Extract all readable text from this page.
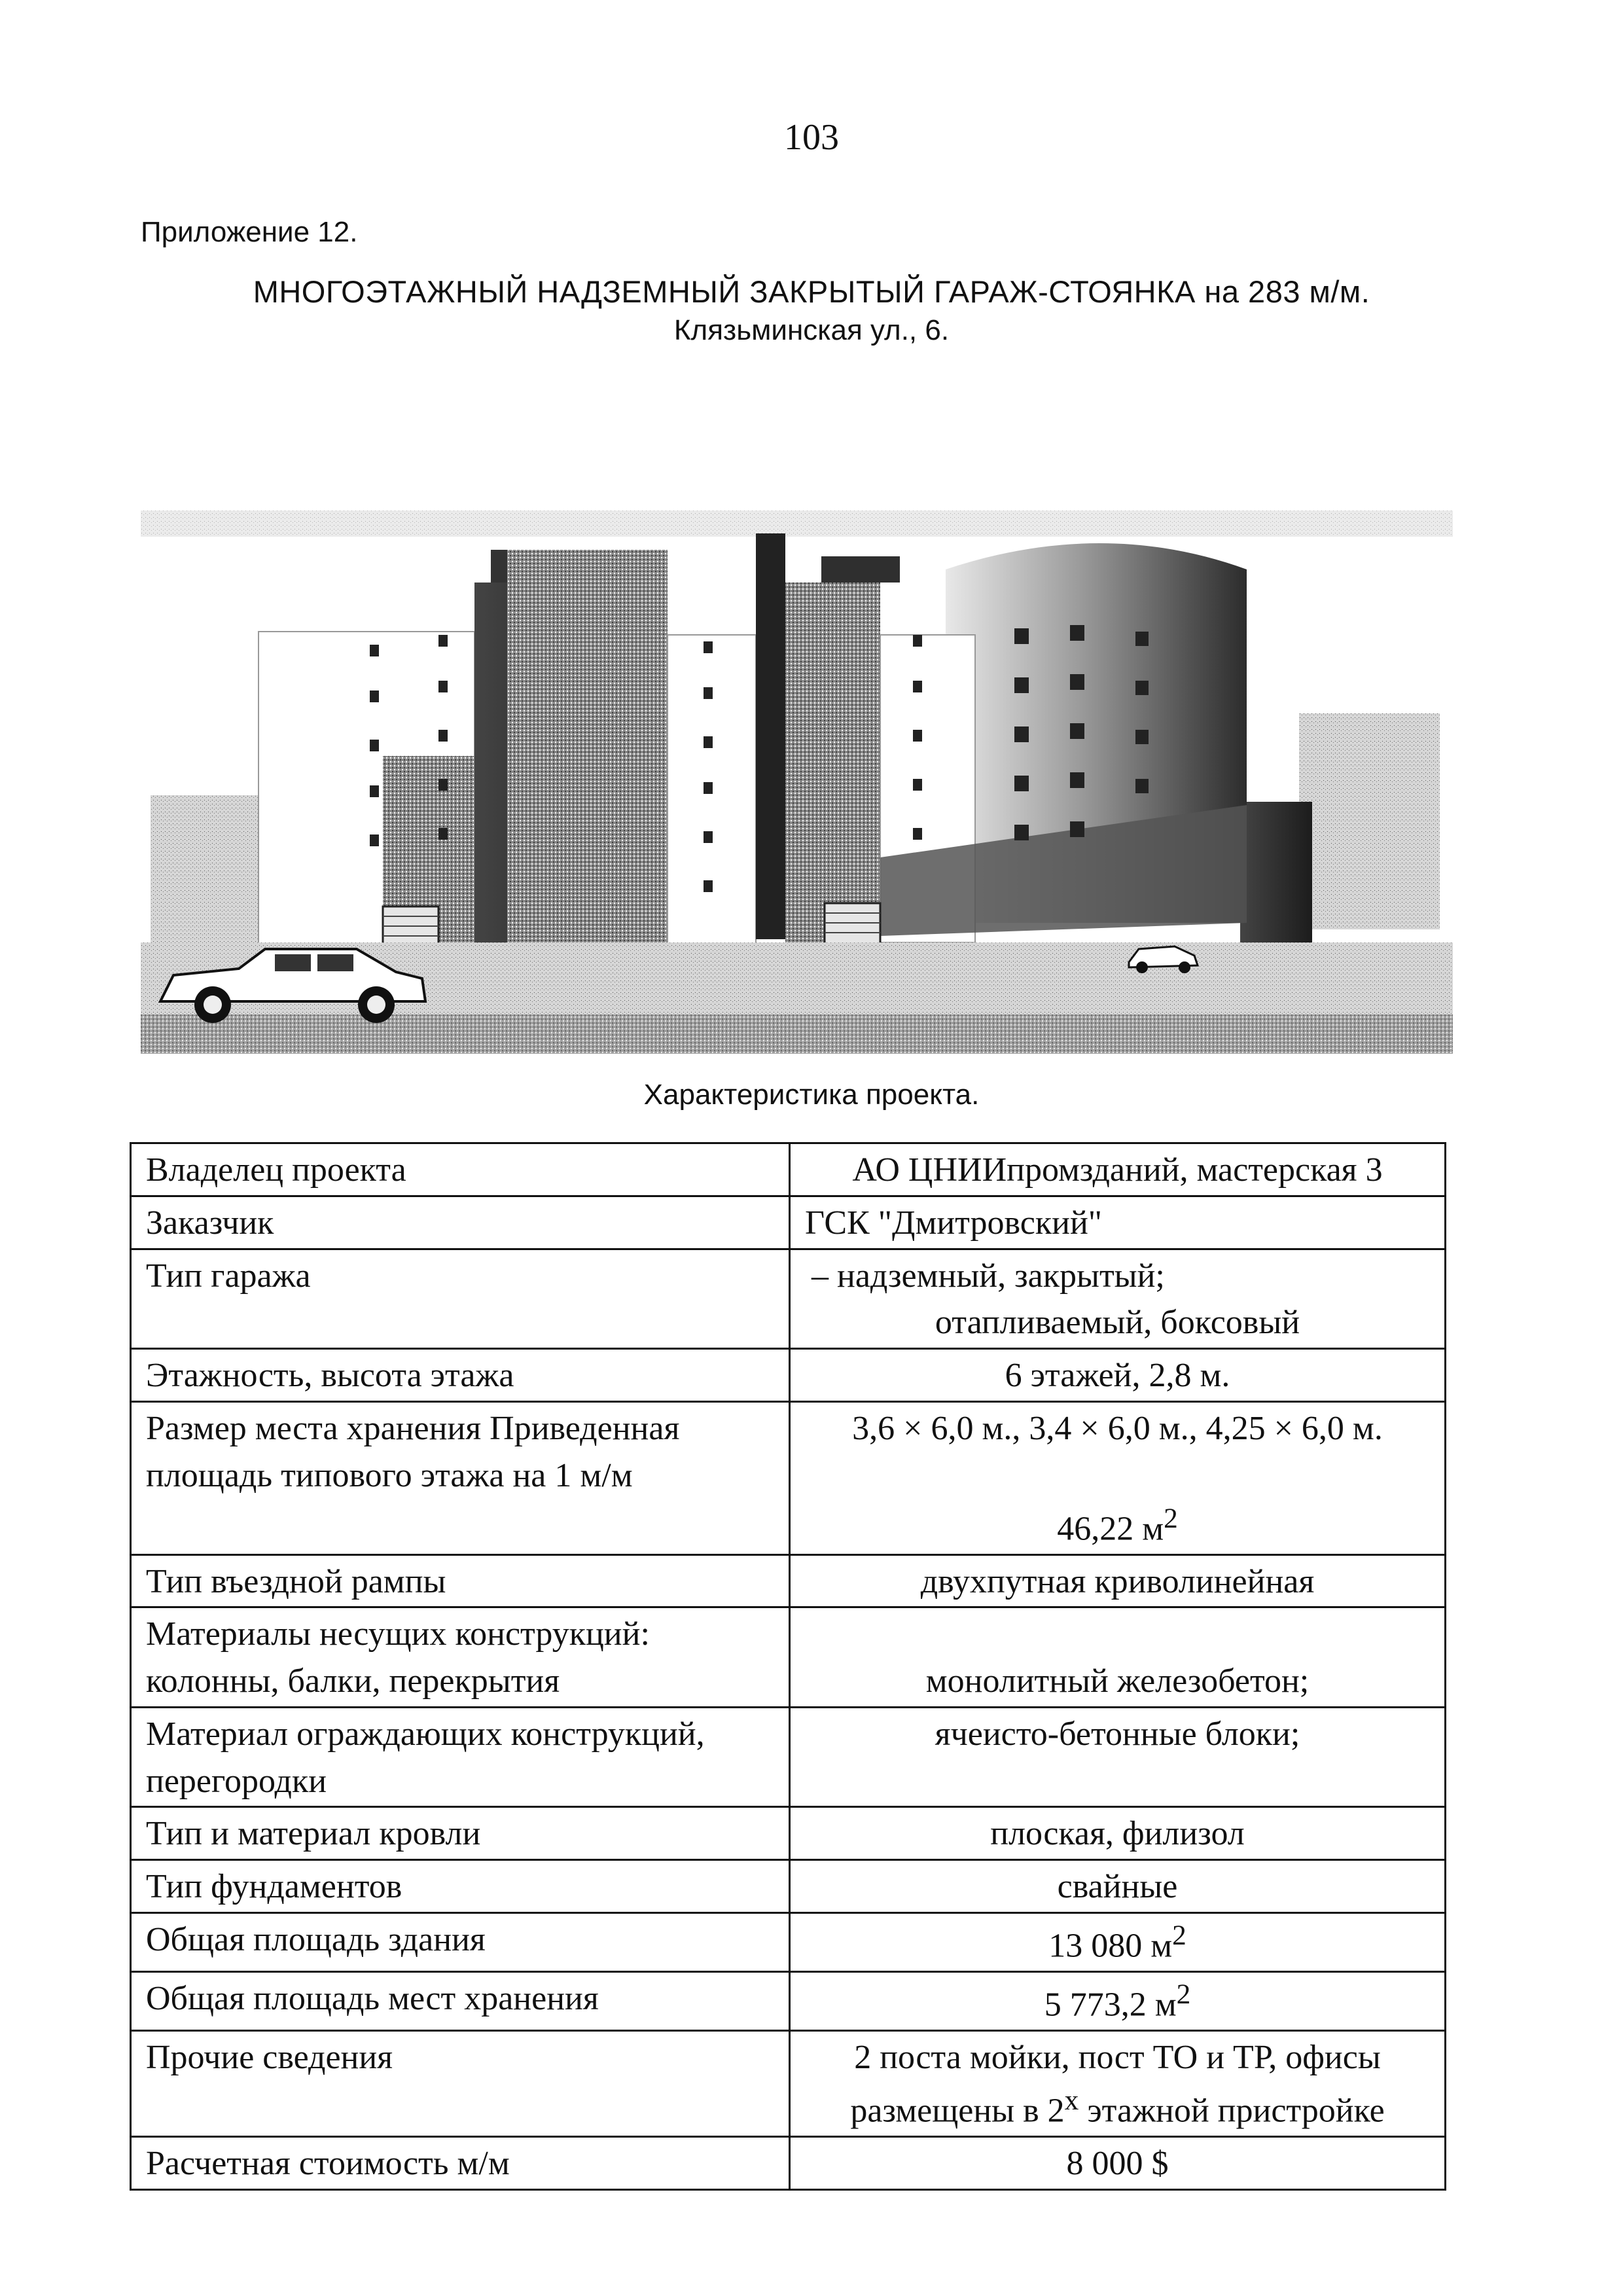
103
Приложение 12.
МНОГОЭТАЖНЫЙ НАДЗЕМНЫЙ ЗАКРЫТЫЙ ГАРАЖ-СТОЯНКА на 283 м/м.
Клязьминская ул., 6.
Характеристика проекта.
Владелец проекта	АО ЦНИИпромзданий, мастерская 3
Заказчик	ГСК "Дмитровский"
Тип гаража	– надземный, закрытый;
отапливаемый, боксовый

Этажность, высота этажа	6 этажей, 2,8 м.
Размер места хранения Приведенная площадь типового этажа на 1 м/м	3,6 × 6,0 м., 3,4 × 6,0 м., 4,25 × 6,0 м.
46,22 $м^2$

Тип въездной рампы	двухпутная криволинейная
Материалы несущих конструкций: колонны, балки, перекрытия	монолитный железобетон;
Материал ограждающих конструкций, перегородки	ячеисто-бетонные блоки;
Тип и материал кровли	плоская, филизол
Тип фундаментов	свайные
Общая площадь здания	13 080 $м^2$
Общая площадь мест хранения	5 773,2 $м^2$
Прочие сведения	2 поста мойки, пост ТО и ТР, офисы
размещены в $2^х$ этажной пристройке

Расчетная стоимость м/м	8 000 $
